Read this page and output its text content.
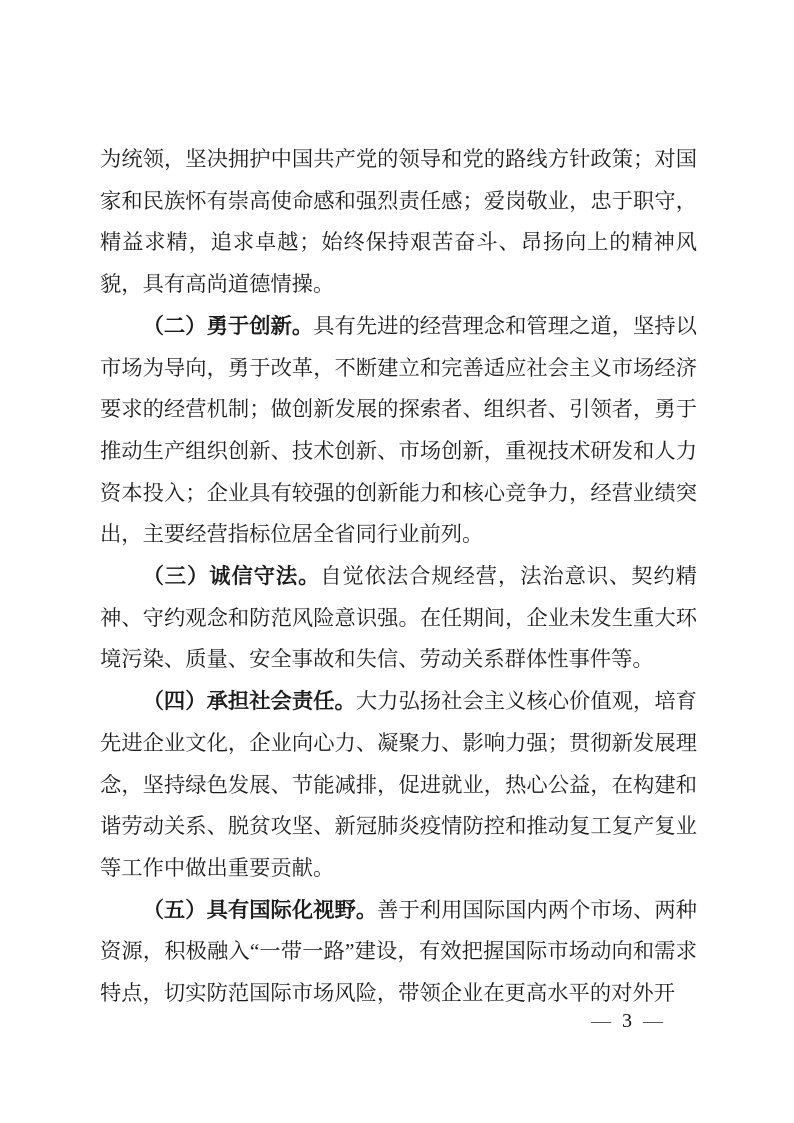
为统领，坚决拥护中国共产党的领导和党的路线方针政策；对国家和民族怀有崇高使命感和强烈责任感；爱岗敬业，忠于职守，精益求精，追求卓越；始终保持艰苦奋斗、昂扬向上的精神风貌，具有高尚道德情操。

（二）勇于创新。具有先进的经营理念和管理之道，坚持以市场为导向，勇于改革，不断建立和完善适应社会主义市场经济要求的经营机制；做创新发展的探索者、组织者、引领者，勇于推动生产组织创新、技术创新、市场创新，重视技术研发和人力资本投入；企业具有较强的创新能力和核心竞争力，经营业绩突出，主要经营指标位居全省同行业前列。

（三）诚信守法。自觉依法合规经营，法治意识、契约精神、守约观念和防范风险意识强。在任期间，企业未发生重大环境污染、质量、安全事故和失信、劳动关系群体性事件等。

（四）承担社会责任。大力弘扬社会主义核心价值观，培育先进企业文化，企业向心力、凝聚力、影响力强；贯彻新发展理念，坚持绿色发展、节能减排，促进就业，热心公益，在构建和谐劳动关系、脱贫攻坚、新冠肺炎疫情防控和推动复工复产复业等工作中做出重要贡献。

（五）具有国际化视野。善于利用国际国内两个市场、两种资源，积极融入“一带一路”建设，有效把握国际市场动向和需求特点，切实防范国际市场风险，带领企业在更高水平的对外开

— 3 —
